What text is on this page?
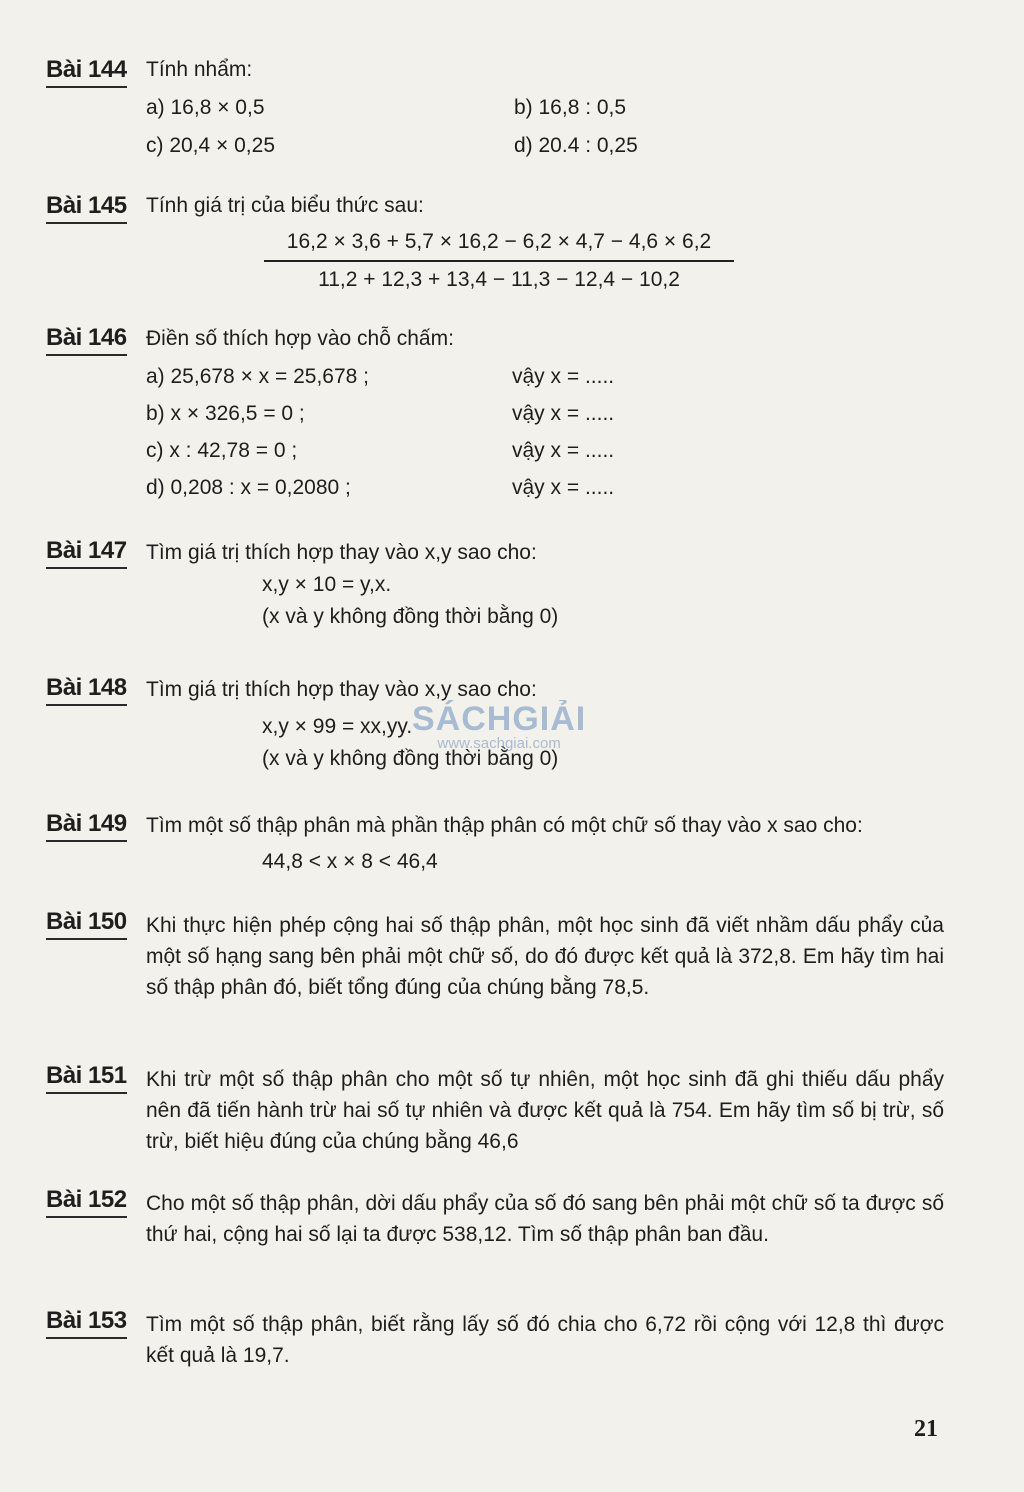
Bài 144 Tính nhẩm:
a) 16,8 × 0,5	b) 16,8 : 0,5
c) 20,4 × 0,25	d) 20.4 : 0,25
Bài 145 Tính giá trị của biểu thức sau:
16,2 × 3,6 + 5,7 × 16,2 − 6,2 × 4,7 − 4,6 × 6,2
11,2 + 12,3 + 13,4 − 11,3 − 12,4 − 10,2
Bài 146 Điền số thích hợp vào chỗ chấm:
a) 25,678 × x = 25,678 ;	vậy x = .....
b) x × 326,5 = 0 ;	vậy x = .....
c) x : 42,78 = 0 ;	vậy x = .....
d) 0,208 : x = 0,2080 ;	vậy x = .....
Bài 147 Tìm giá trị thích hợp thay vào x,y sao cho:
x,y × 10 = y,x.
(x và y không đồng thời bằng 0)
Bài 148 Tìm giá trị thích hợp thay vào x,y sao cho:
x,y × 99 = xx,yy.
(x và y không đồng thời bằng 0)
SÁCHGIẢI
www.sachgiai.com
Bài 149 Tìm một số thập phân mà phần thập phân có một chữ số thay vào x sao cho:
44,8 < x × 8 < 46,4
Bài 150 Khi thực hiện phép cộng hai số thập phân, một học sinh đã viết nhầm dấu phẩy của một số hạng sang bên phải một chữ số, do đó được kết quả là 372,8. Em hãy tìm hai số thập phân đó, biết tổng đúng của chúng bằng 78,5.
Bài 151 Khi trừ một số thập phân cho một số tự nhiên, một học sinh đã ghi thiếu dấu phẩy nên đã tiến hành trừ hai số tự nhiên và được kết quả là 754. Em hãy tìm số bị trừ, số trừ, biết hiệu đúng của chúng bằng 46,6
Bài 152 Cho một số thập phân, dời dấu phẩy của số đó sang bên phải một chữ số ta được số thứ hai, cộng hai số lại ta được 538,12. Tìm số thập phân ban đầu.
Bài 153 Tìm một số thập phân, biết rằng lấy số đó chia cho 6,72 rồi cộng với 12,8 thì được kết quả là 19,7.
21
